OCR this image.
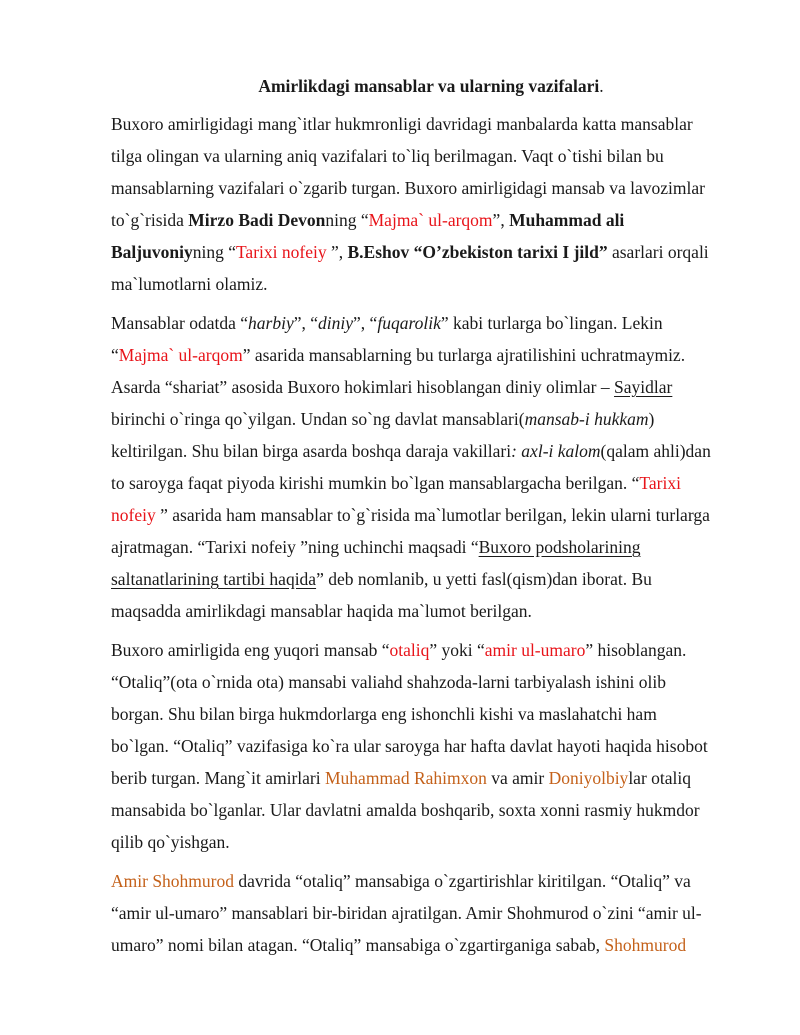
Amirlikdagi mansablar va ularning vazifalari.

Buxoro amirligidagi mang`itlar hukmronligi davridagi manbalarda katta mansablar
tilga olingan va ularning aniq vazifalari to`liq berilmagan. Vaqt o`tishi bilan bu
mansablarning vazifalari o`zgarib turgan. Buxoro amirligidagi mansab va lavozimlar
to`g`risida Mirzo Badi Devonning “Majma` ul-arqom”, Muhammad ali
Baljuvoniyning “Tarixi nofeiy ”, B.Eshov “O’zbekiston tarixi I jild” asarlari orqali
ma`lumotlarni olamiz.

Mansablar odatda “harbiy”, “diniy”, “fuqarolik” kabi turlarga bo`lingan. Lekin
“Majma` ul-arqom” asarida mansablarning bu turlarga ajratilishini uchratmaymiz.
Asarda “shariat” asosida Buxoro hokimlari hisoblangan diniy olimlar – Sayidlar
birinchi o`ringa qo`yilgan. Undan so`ng davlat mansablari(mansab-i hukkam)
keltirilgan. Shu bilan birga asarda boshqa daraja vakillari: axl-i kalom(qalam ahli)dan
to saroyga faqat piyoda kirishi mumkin bo`lgan mansablargacha berilgan. “Tarixi
nofeiy ” asarida ham mansablar to`g`risida ma`lumotlar berilgan, lekin ularni turlarga
ajratmagan. “Tarixi nofeiy ”ning uchinchi maqsadi “Buxoro podsholarining
saltanatlarining tartibi haqida” deb nomlanib, u yetti fasl(qism)dan iborat. Bu
maqsadda amirlikdagi mansablar haqida ma`lumot berilgan.

Buxoro amirligida eng yuqori mansab “otaliq” yoki “amir ul-umaro” hisoblangan.
“Otaliq”(ota o`rnida ota) mansabi valiahd shahzoda-larni tarbiyalash ishini olib
borgan. Shu bilan birga hukmdorlarga eng ishonchli kishi va maslahatchi ham
bo`lgan. “Otaliq” vazifasiga ko`ra ular saroyga har hafta davlat hayoti haqida hisobot
berib turgan. Mang`it amirlari Muhammad Rahimxon va amir Doniyolbiylar otaliq
mansabida bo`lganlar. Ular davlatni amalda boshqarib, soxta xonni rasmiy hukmdor
qilib qo`yishgan.

Amir Shohmurod davrida “otaliq” mansabiga o`zgartirishlar kiritilgan. “Otaliq” va
“amir ul-umaro” mansablari bir-biridan ajratilgan. Amir Shohmurod o`zini “amir ul-
umaro” nomi bilan atagan. “Otaliq” mansabiga o`zgartirganiga sabab, Shohmurod
